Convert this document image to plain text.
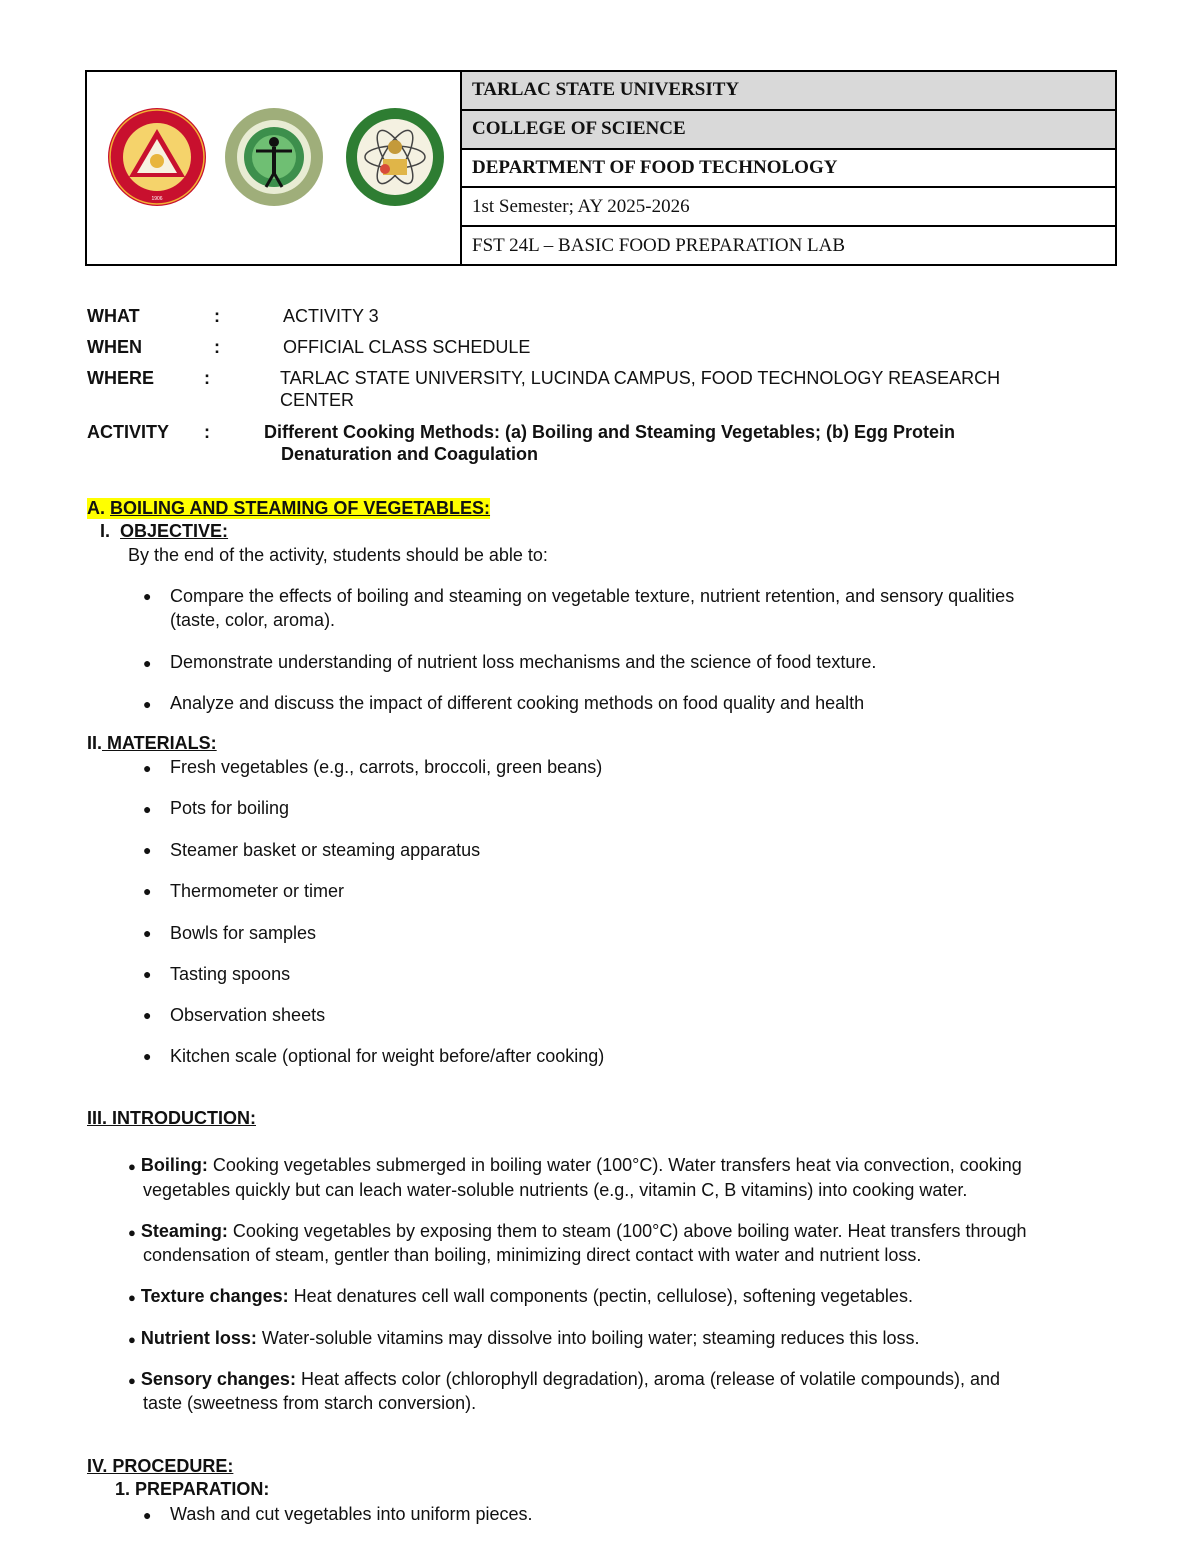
1906
TARLAC STATE UNIVERSITY
COLLEGE OF SCIENCE
DEPARTMENT OF FOOD TECHNOLOGY
1st Semester; AY 2025-2026
FST 24L – BASIC FOOD PREPARATION LAB
WHAT	:	ACTIVITY 3
WHEN	:	OFFICIAL CLASS SCHEDULE
WHERE	:	TARLAC STATE UNIVERSITY, LUCINDA CAMPUS, FOOD TECHNOLOGY REASEARCH
CENTER
ACTIVITY :	Different Cooking Methods: (a) Boiling and Steaming Vegetables; (b) Egg Protein
Denaturation and Coagulation
A. BOILING AND STEAMING OF VEGETABLES:
I. OBJECTIVE:
By the end of the activity, students should be able to:
● Compare the effects of boiling and steaming on vegetable texture, nutrient retention, and sensory qualities
(taste, color, aroma).
● Demonstrate understanding of nutrient loss mechanisms and the science of food texture.
● Analyze and discuss the impact of different cooking methods on food quality and health
II. MATERIALS:
● Fresh vegetables (e.g., carrots, broccoli, green beans)
● Pots for boiling
● Steamer basket or steaming apparatus
● Thermometer or timer
● Bowls for samples
● Tasting spoons
● Observation sheets
● Kitchen scale (optional for weight before/after cooking)
III. INTRODUCTION:
● Boiling: Cooking vegetables submerged in boiling water (100°C). Water transfers heat via convection, cooking
vegetables quickly but can leach water-soluble nutrients (e.g., vitamin C, B vitamins) into cooking water.
● Steaming: Cooking vegetables by exposing them to steam (100°C) above boiling water. Heat transfers through
condensation of steam, gentler than boiling, minimizing direct contact with water and nutrient loss.
● Texture changes: Heat denatures cell wall components (pectin, cellulose), softening vegetables.
● Nutrient loss: Water-soluble vitamins may dissolve into boiling water; steaming reduces this loss.
● Sensory changes: Heat affects color (chlorophyll degradation), aroma (release of volatile compounds), and
taste (sweetness from starch conversion).
IV. PROCEDURE:
1. PREPARATION:
● Wash and cut vegetables into uniform pieces.
